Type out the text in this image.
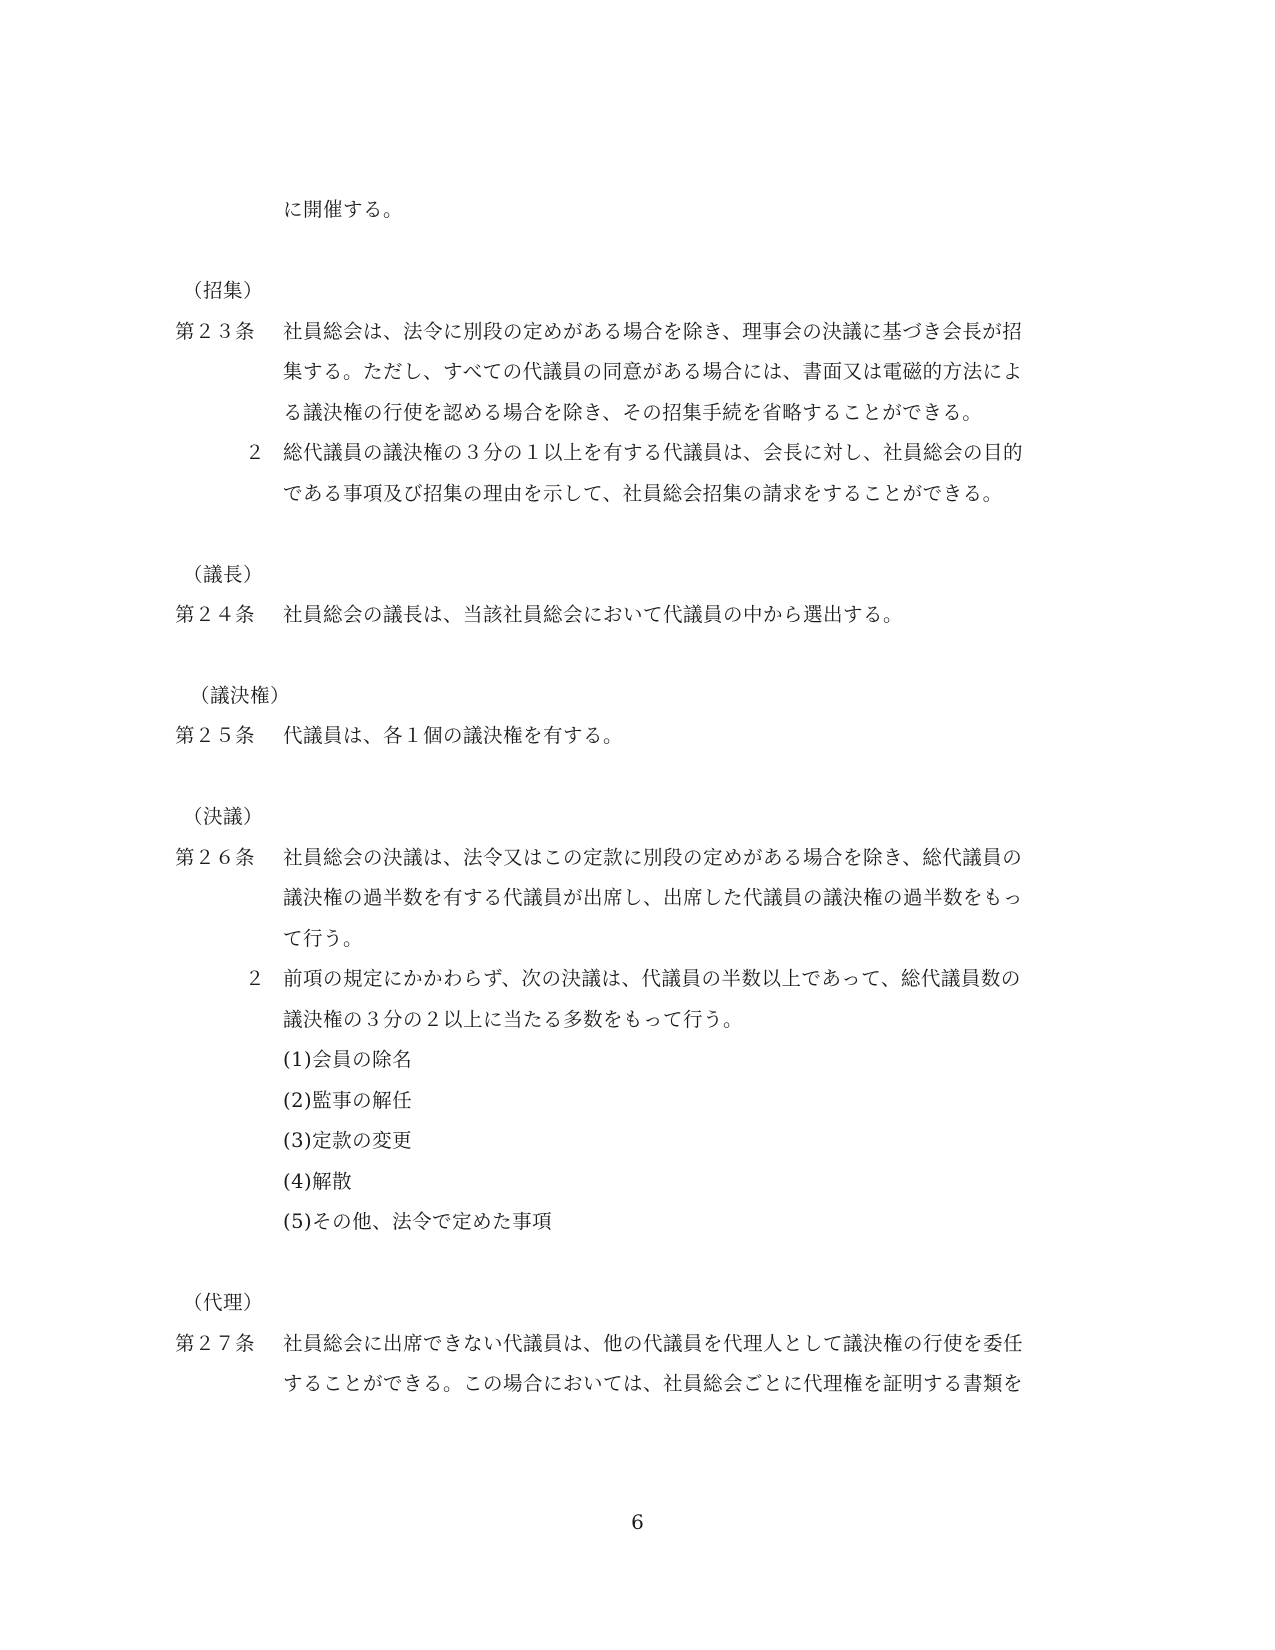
に開催する。
（招集）
第２３条 社員総会は、法令に別段の定めがある場合を除き、理事会の決議に基づき会長が招
集する。ただし、すべての代議員の同意がある場合には、書面又は電磁的方法によ
る議決権の行使を認める場合を除き、その招集手続を省略することができる。
２ 総代議員の議決権の３分の１以上を有する代議員は、会長に対し、社員総会の目的
である事項及び招集の理由を示して、社員総会招集の請求をすることができる。
（議長）
第２４条 社員総会の議長は、当該社員総会において代議員の中から選出する。
（議決権）
第２５条 代議員は、各１個の議決権を有する。
（決議）
第２６条 社員総会の決議は、法令又はこの定款に別段の定めがある場合を除き、総代議員の
議決権の過半数を有する代議員が出席し、出席した代議員の議決権の過半数をもっ
て行う。
２ 前項の規定にかかわらず、次の決議は、代議員の半数以上であって、総代議員数の
議決権の３分の２以上に当たる多数をもって行う。
(1)会員の除名
(2)監事の解任
(3)定款の変更
(4)解散
(5)その他、法令で定めた事項
（代理）
第２７条 社員総会に出席できない代議員は、他の代議員を代理人として議決権の行使を委任
することができる。この場合においては、社員総会ごとに代理権を証明する書類を
6
